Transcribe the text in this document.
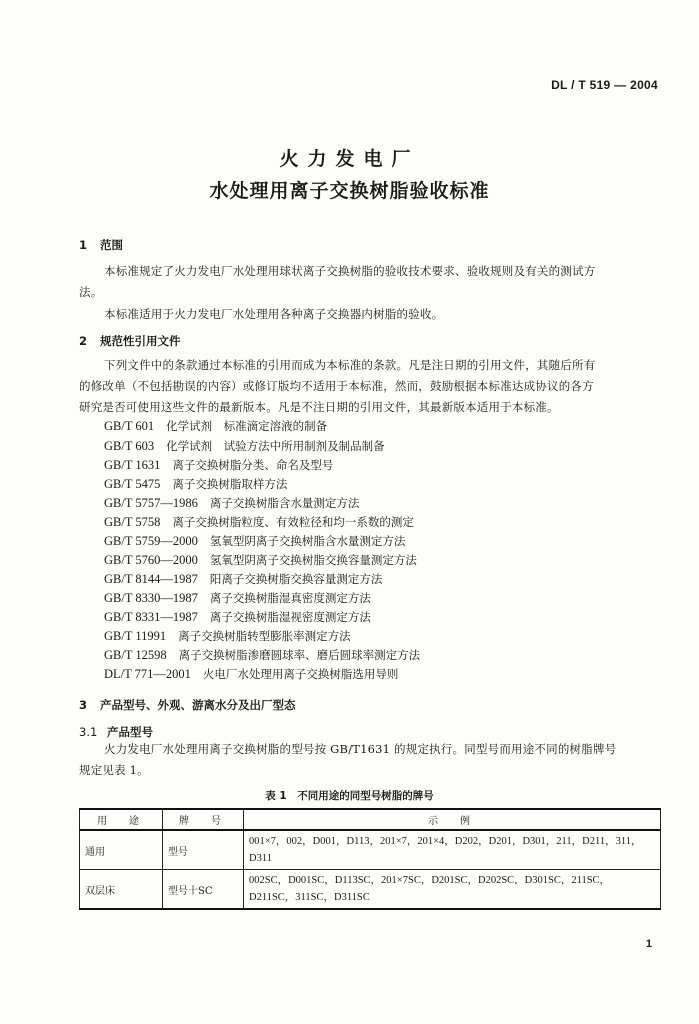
DL / T 519 — 2004
火力发电厂
水处理用离子交换树脂验收标准
1 范围
本标准规定了火力发电厂水处理用球状离子交换树脂的验收技术要求、验收规则及有关的测试方
法。
本标准适用于火力发电厂水处理用各种离子交换器内树脂的验收。
2 规范性引用文件
下列文件中的条款通过本标准的引用而成为本标准的条款。凡是注日期的引用文件，其随后所有
的修改单（不包括勘误的内容）或修订版均不适用于本标准，然而，鼓励根据本标准达成协议的各方
研究是否可使用这些文件的最新版本。凡是不注日期的引用文件，其最新版本适用于本标准。
GB/T 601 化学试剂　标准滴定溶液的制备
GB/T 603 化学试剂　试验方法中所用制剂及制品制备
GB/T 1631 离子交换树脂分类、命名及型号
GB/T 5475 离子交换树脂取样方法
GB/T 5757—1986 离子交换树脂含水量测定方法
GB/T 5758 离子交换树脂粒度、有效粒径和均一系数的测定
GB/T 5759—2000 氢氧型阴离子交换树脂含水量测定方法
GB/T 5760—2000 氢氧型阴离子交换树脂交换容量测定方法
GB/T 8144—1987 阳离子交换树脂交换容量测定方法
GB/T 8330—1987 离子交换树脂湿真密度测定方法
GB/T 8331—1987 离子交换树脂湿视密度测定方法
GB/T 11991 离子交换树脂转型膨胀率测定方法
GB/T 12598 离子交换树脂渗磨圆球率、磨后圆球率测定方法
DL/T 771—2001 火电厂水处理用离子交换树脂选用导则
3 产品型号、外观、游离水分及出厂型态
3.1 产品型号
火力发电厂水处理用离子交换树脂的型号按 GB/T1631 的规定执行。同型号而用途不同的树脂牌号
规定见表 1。
表 1　不同用途的同型号树脂的牌号
用　途	牌　号	示　例
通用	型号	001×7，002，D001，D113，201×7，201×4，D202，D201，D301，211，D211，311，D311
双层床	型号十SC	002SC，D001SC，D113SC，201×7SC，D201SC，D202SC，D301SC，211SC，D211SC，311SC，D311SC
1
